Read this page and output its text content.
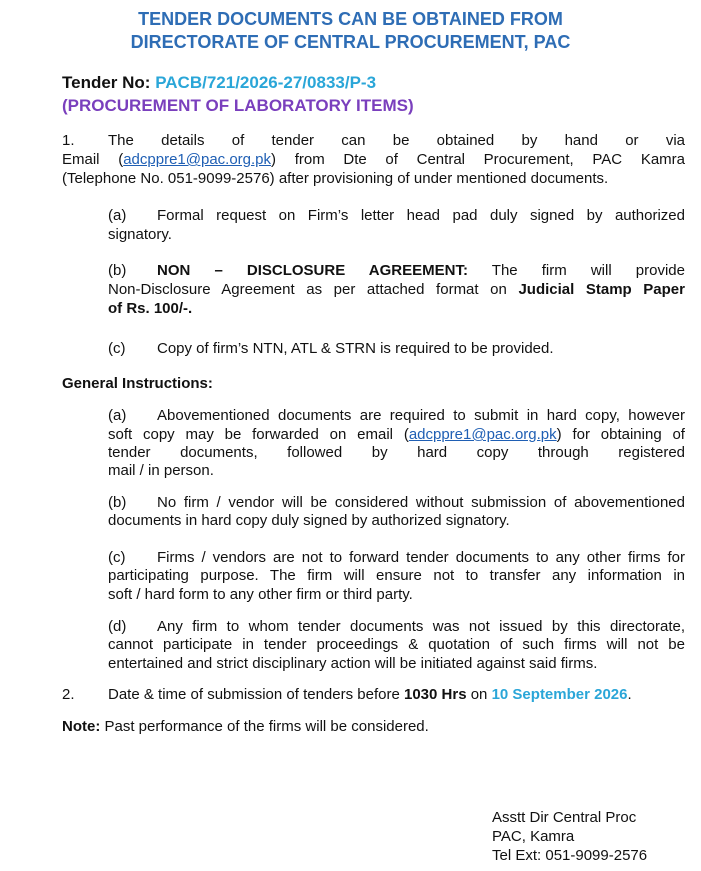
TENDER DOCUMENTS CAN BE OBTAINED FROM
DIRECTORATE OF CENTRAL PROCUREMENT, PAC
Tender No: PACB/721/2026-27/0833/P-3
(PROCUREMENT OF LABORATORY ITEMS)
1. The details of tender can be obtained by hand or via
Email (adcppre1@pac.org.pk) from Dte of Central Procurement, PAC Kamra
(Telephone No. 051-9099-2576) after provisioning of under mentioned documents.
(a) Formal request on Firm’s letter head pad duly signed by authorized
signatory.
(b) NON – DISCLOSURE AGREEMENT: The firm will provide
Non-Disclosure Agreement as per attached format on Judicial Stamp Paper
of Rs. 100/-.
(c) Copy of firm’s NTN, ATL & STRN is required to be provided.
General Instructions:
(a) Abovementioned documents are required to submit in hard copy, however
soft copy may be forwarded on email (adcppre1@pac.org.pk) for obtaining of
tender documents, followed by hard copy through registered
mail / in person.
(b) No firm / vendor will be considered without submission of abovementioned
documents in hard copy duly signed by authorized signatory.
(c) Firms / vendors are not to forward tender documents to any other firms for
participating purpose. The firm will ensure not to transfer any information in
soft / hard form to any other firm or third party.
(d) Any firm to whom tender documents was not issued by this directorate,
cannot participate in tender proceedings & quotation of such firms will not be
entertained and strict disciplinary action will be initiated against said firms.
2. Date & time of submission of tenders before 1030 Hrs on 10 September 2026.
Note: Past performance of the firms will be considered.
Asstt Dir Central Proc
PAC, Kamra
Tel Ext: 051-9099-2576
